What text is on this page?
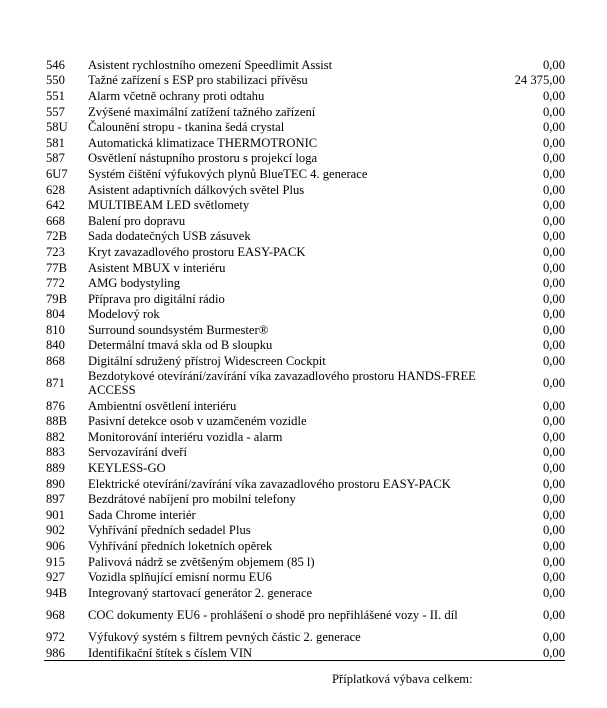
546	Asistent rychlostního omezení Speedlimit Assist	0,00
550	Tažné zařízení s ESP pro stabilizaci přívěsu	24 375,00
551	Alarm včetně ochrany proti odtahu	0,00
557	Zvýšené maximální zatížení tažného zařízení	0,00
58U	Čalounění stropu - tkanina šedá crystal	0,00
581	Automatická klimatizace THERMOTRONIC	0,00
587	Osvětlení nástupního prostoru s projekcí loga	0,00
6U7	Systém čištění výfukových plynů BlueTEC 4. generace	0,00
628	Asistent adaptivních dálkových světel Plus	0,00
642	MULTIBEAM LED světlomety	0,00
668	Balení pro dopravu	0,00
72B	Sada dodatečných USB zásuvek	0,00
723	Kryt zavazadlového prostoru EASY-PACK	0,00
77B	Asistent MBUX v interiéru	0,00
772	AMG bodystyling	0,00
79B	Příprava pro digitální rádio	0,00
804	Modelový rok	0,00
810	Surround soundsystém Burmester®	0,00
840	Determální tmavá skla od B sloupku	0,00
868	Digitální sdružený přístroj Widescreen Cockpit	0,00
871	Bezdotykové otevírání/zavírání víka zavazadlového prostoru HANDS-FREE ACCESS	0,00
876	Ambientní osvětlení interiéru	0,00
88B	Pasivní detekce osob v uzamčeném vozidle	0,00
882	Monitorování interiéru vozidla - alarm	0,00
883	Servozavírání dveří	0,00
889	KEYLESS-GO	0,00
890	Elektrické otevírání/zavírání víka zavazadlového prostoru EASY-PACK	0,00
897	Bezdrátové nabíjení pro mobilní telefony	0,00
901	Sada Chrome interiér	0,00
902	Vyhřívání předních sedadel Plus	0,00
906	Vyhřívání předních loketních opěrek	0,00
915	Palivová nádrž se zvětšeným objemem (85 l)	0,00
927	Vozidla splňující emisní normu EU6	0,00
94B	Integrovaný startovací generátor 2. generace	0,00
968	COC dokumenty EU6 - prohlášení o shodě pro nepřihlášené vozy - II. díl	0,00
972	Výfukový systém s filtrem pevných částic 2. generace	0,00
986	Identifikační štítek s číslem VIN	0,00
Příplatková výbava celkem:
